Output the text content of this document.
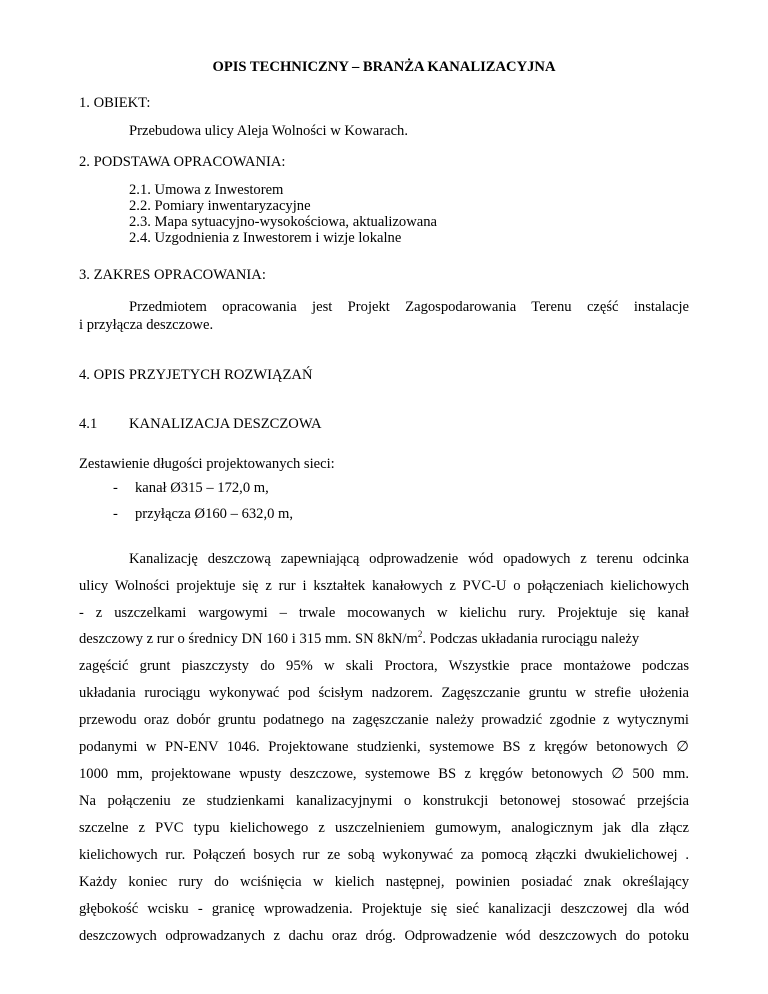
OPIS TECHNICZNY – BRANŻA KANALIZACYJNA
1. OBIEKT:
Przebudowa ulicy Aleja Wolności w Kowarach.
2. PODSTAWA OPRACOWANIA:
2.1. Umowa z Inwestorem
2.2. Pomiary inwentaryzacyjne
2.3. Mapa sytuacyjno-wysokościowa, aktualizowana
2.4. Uzgodnienia z Inwestorem i wizje lokalne
3. ZAKRES OPRACOWANIA:
Przedmiotem opracowania jest Projekt Zagospodarowania Terenu część instalacje
i przyłącza deszczowe.
4. OPIS PRZYJETYCH ROZWIĄZAŃ
4.1 KANALIZACJA DESZCZOWA
Zestawienie długości projektowanych sieci:
- kanał Ø315 – 172,0 m,
- przyłącza Ø160 – 632,0 m,
Kanalizację deszczową zapewniającą odprowadzenie wód opadowych z terenu odcinka
ulicy Wolności projektuje się z rur i kształtek kanałowych z PVC-U o połączeniach kielichowych
- z uszczelkami wargowymi – trwale mocowanych w kielichu rury. Projektuje się kanał
deszczowy z rur o średnicy DN 160 i 315 mm. SN $8kN/m^2$. Podczas układania rurociągu należy
zagęścić grunt piaszczysty do 95% w skali Proctora, Wszystkie prace montażowe podczas
układania rurociągu wykonywać pod ścisłym nadzorem. Zagęszczanie gruntu w strefie ułożenia
przewodu oraz dobór gruntu podatnego na zagęszczanie należy prowadzić zgodnie z wytycznymi
podanymi w PN-ENV 1046. Projektowane studzienki, systemowe BS z kręgów betonowych ∅
1000 mm, projektowane wpusty deszczowe, systemowe BS z kręgów betonowych ∅ 500 mm.
Na połączeniu ze studzienkami kanalizacyjnymi o konstrukcji betonowej stosować przejścia
szczelne z PVC typu kielichowego z uszczelnieniem gumowym, analogicznym jak dla złącz
kielichowych rur. Połączeń bosych rur ze sobą wykonywać za pomocą złączki dwukielichowej .
Każdy koniec rury do wciśnięcia w kielich następnej, powinien posiadać znak określający
głębokość wcisku - granicę wprowadzenia. Projektuje się sieć kanalizacji deszczowej dla wód
deszczowych odprowadzanych z dachu oraz dróg. Odprowadzenie wód deszczowych do potoku
